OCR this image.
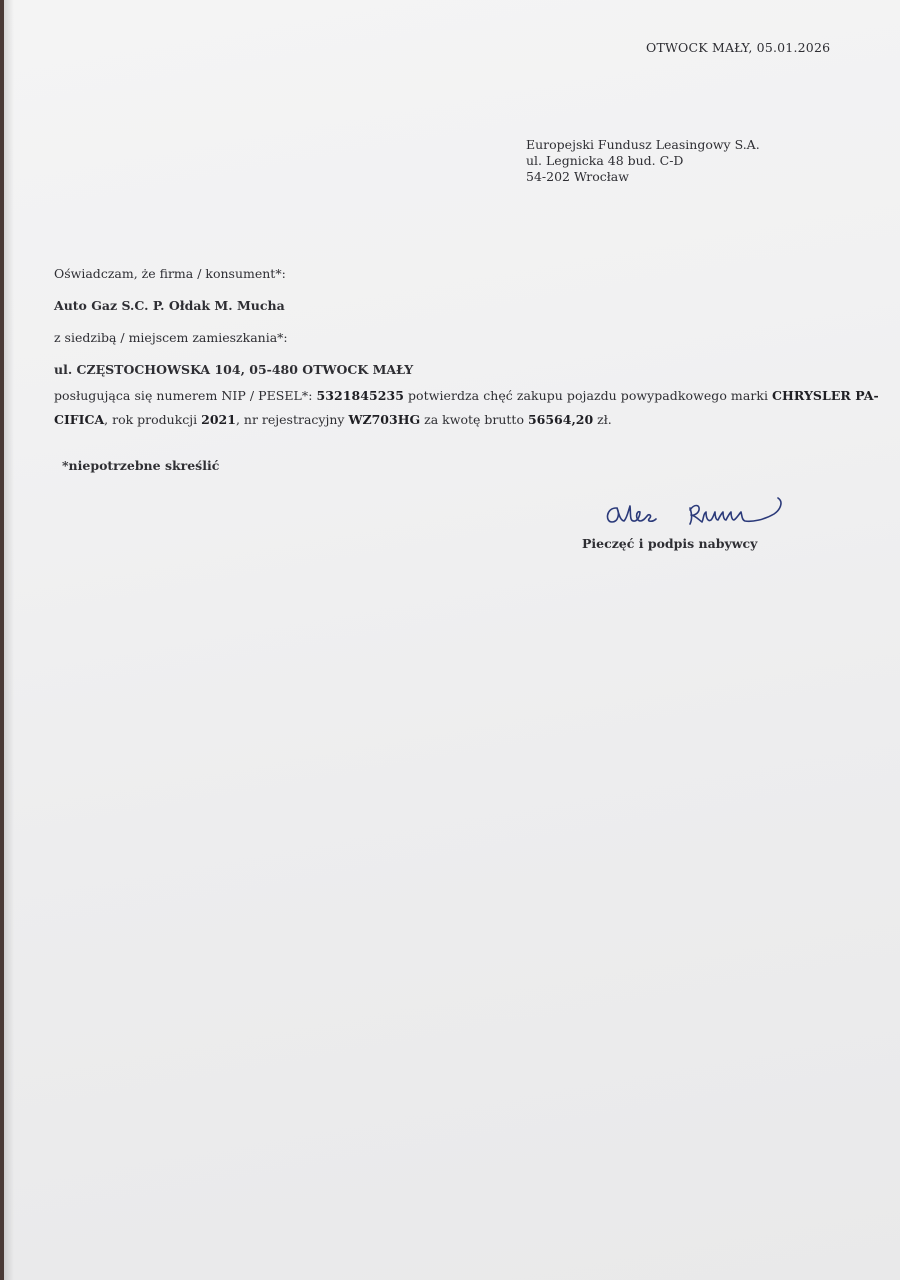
OTWOCK MAŁY, 05.01.2026
Europejski Fundusz Leasingowy S.A.
ul. Legnicka 48 bud. C-D
54-202 Wrocław
Oświadczam, że firma / konsument*:
Auto Gaz S.C. P. Ołdak M. Mucha
z siedzibą / miejscem zamieszkania*:
ul. CZĘSTOCHOWSKA 104, 05-480 OTWOCK MAŁY
posługująca się numerem NIP / PESEL*: 5321845235 potwierdza chęć zakupu pojazdu powypadkowego marki CHRYSLER PA-
CIFICA, rok produkcji 2021, nr rejestracyjny WZ703HG za kwotę brutto 56564,20 zł.
*niepotrzebne skreślić
Pieczęć i podpis nabywcy
